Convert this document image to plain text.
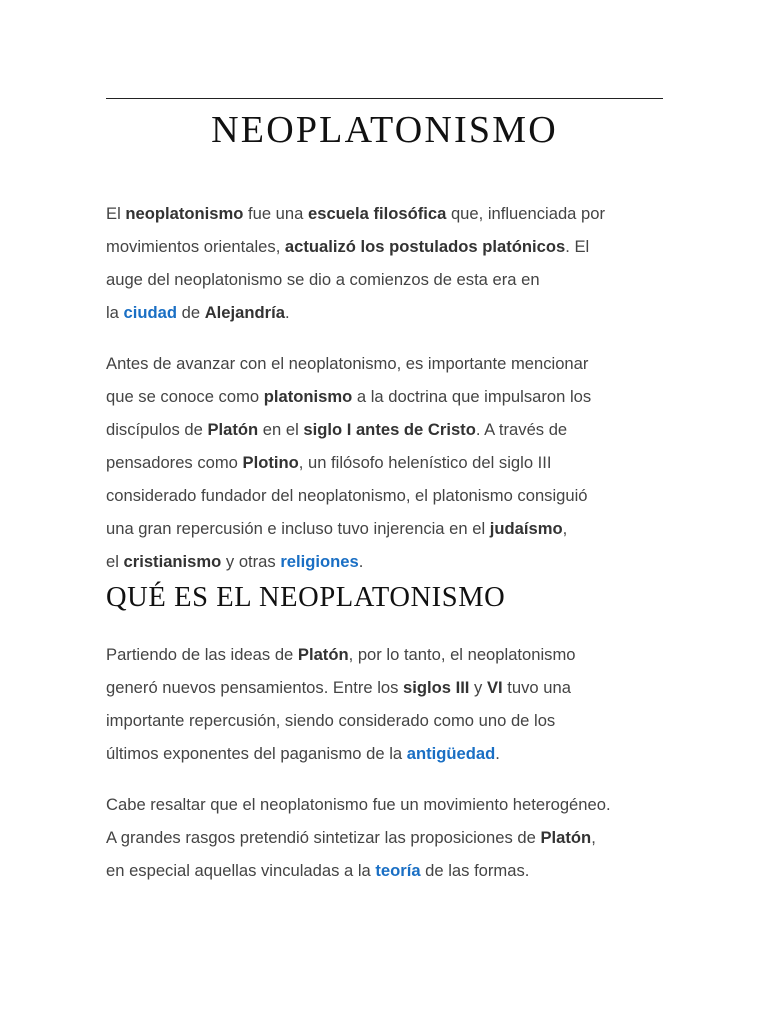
NEOPLATONISMO
El neoplatonismo fue una escuela filosófica que, influenciada por
movimientos orientales, actualizó los postulados platónicos. El
auge del neoplatonismo se dio a comienzos de esta era en
la ciudad de Alejandría.
Antes de avanzar con el neoplatonismo, es importante mencionar
que se conoce como platonismo a la doctrina que impulsaron los
discípulos de Platón en el siglo I antes de Cristo. A través de
pensadores como Plotino, un filósofo helenístico del siglo III
considerado fundador del neoplatonismo, el platonismo consiguió
una gran repercusión e incluso tuvo injerencia en el judaísmo,
el cristianismo y otras religiones.
QUÉ ES EL NEOPLATONISMO
Partiendo de las ideas de Platón, por lo tanto, el neoplatonismo
generó nuevos pensamientos. Entre los siglos III y VI tuvo una
importante repercusión, siendo considerado como uno de los
últimos exponentes del paganismo de la antigüedad.
Cabe resaltar que el neoplatonismo fue un movimiento heterogéneo.
A grandes rasgos pretendió sintetizar las proposiciones de Platón,
en especial aquellas vinculadas a la teoría de las formas.
